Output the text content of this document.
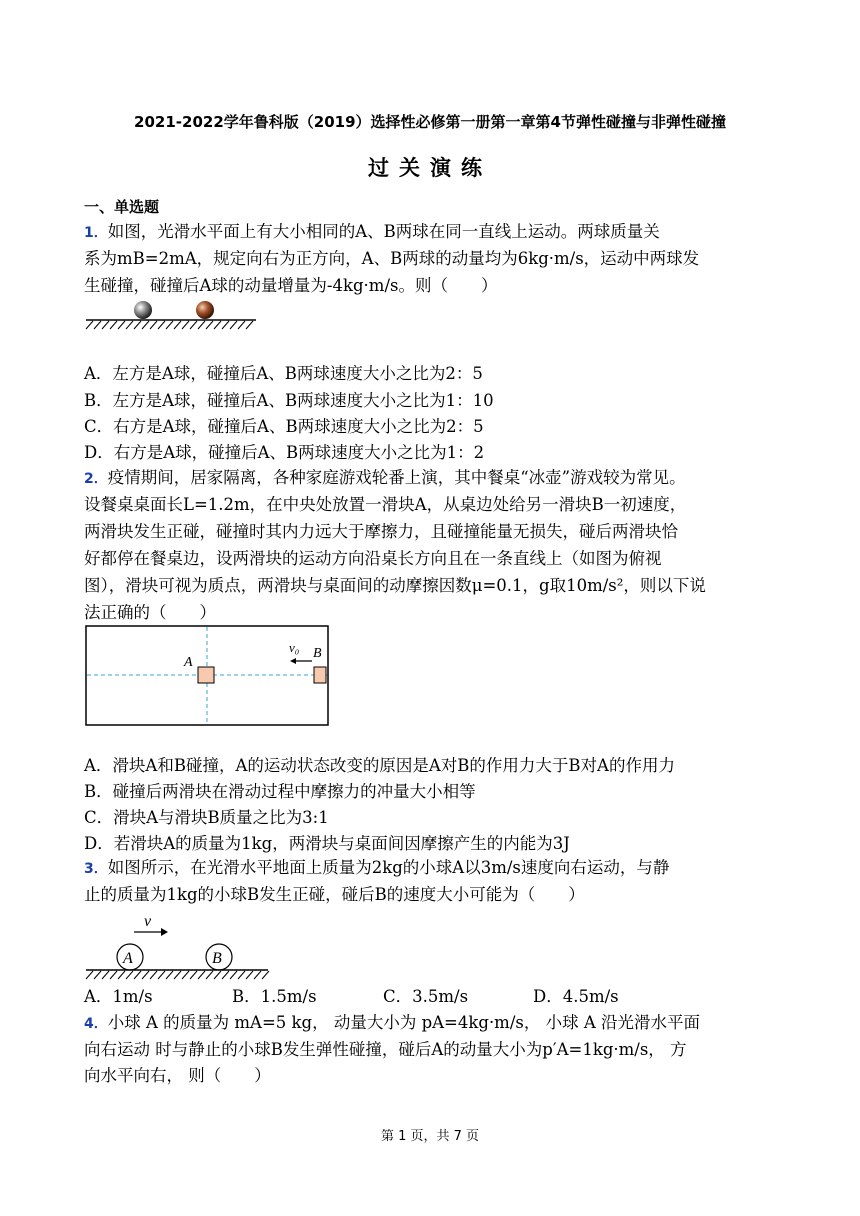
2021-2022学年鲁科版（2019）选择性必修第一册第一章第4节弹性碰撞与非弹性碰撞
过关演练
一、单选题
1．如图，光滑水平面上有大小相同的A、B两球在同一直线上运动。两球质量关
系为mB=2mA，规定向右为正方向，A、B两球的动量均为6kg·m/s，运动中两球发
生碰撞，碰撞后A球的动量增量为-4kg·m/s。则（　　）
A．左方是A球，碰撞后A、B两球速度大小之比为2：5
B．左方是A球，碰撞后A、B两球速度大小之比为1：10
C．右方是A球，碰撞后A、B两球速度大小之比为2：5
D．右方是A球，碰撞后A、B两球速度大小之比为1：2
2．疫情期间，居家隔离，各种家庭游戏轮番上演，其中餐桌“冰壶”游戏较为常见。
设餐桌桌面长L=1.2m，在中央处放置一滑块A，从桌边处给另一滑块B一初速度，
两滑块发生正碰，碰撞时其内力远大于摩擦力，且碰撞能量无损失，碰后两滑块恰
好都停在餐桌边，设两滑块的运动方向沿桌长方向且在一条直线上（如图为俯视
图），滑块可视为质点，两滑块与桌面间的动摩擦因数μ=0.1，g取10m/s²，则以下说
法正确的（　　）
A
B
v₀
A．滑块A和B碰撞，A的运动状态改变的原因是A对B的作用力大于B对A的作用力
B．碰撞后两滑块在滑动过程中摩擦力的冲量大小相等
C．滑块A与滑块B质量之比为3:1
D．若滑块A的质量为1kg，两滑块与桌面间因摩擦产生的内能为3J
3．如图所示，在光滑水平地面上质量为2kg的小球A以3m/s速度向右运动，与静
止的质量为1kg的小球B发生正碰，碰后B的速度大小可能为（　　）
v
A	B
A．1m/s	B．1.5m/s	C．3.5m/s	D．4.5m/s
4．小球 A 的质量为 mA=5 kg， 动量大小为 pA=4kg·m/s， 小球 A 沿光滑水平面
向右运动 时与静止的小球B发生弹性碰撞，碰后A的动量大小为p′A=1kg·m/s， 方
向水平向右， 则（　　）
第 1 页，共 7 页
